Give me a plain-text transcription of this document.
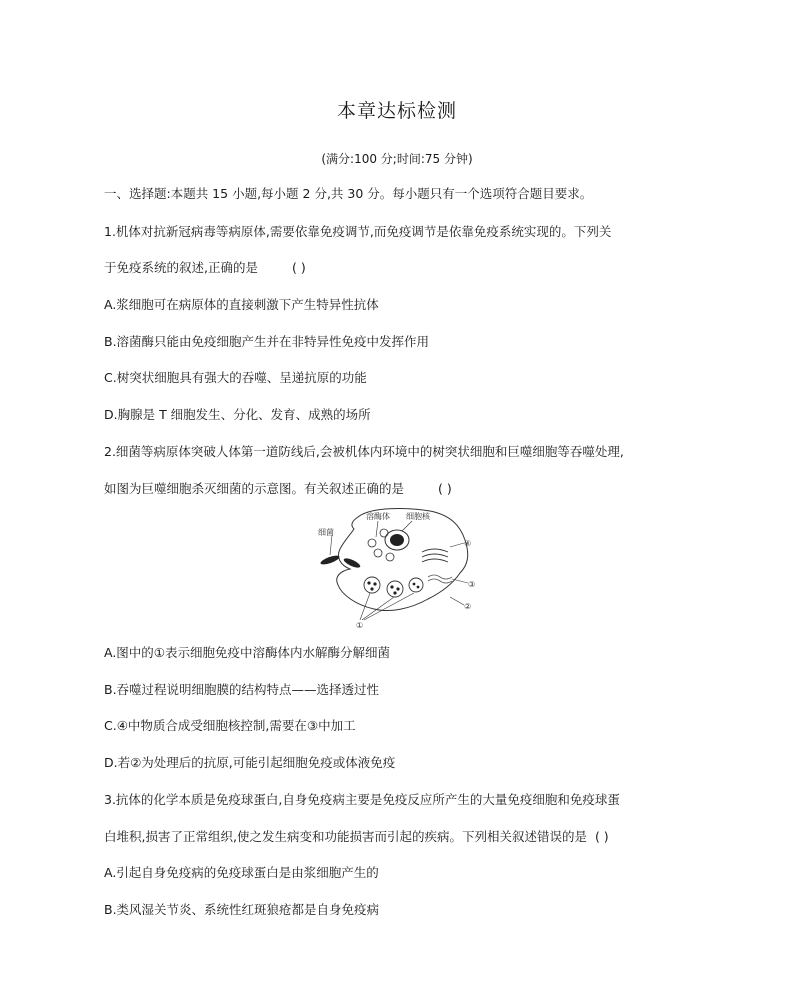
本章达标检测
(满分:100 分;时间:75 分钟)
一、选择题:本题共 15 小题,每小题 2 分,共 30 分。每小题只有一个选项符合题目要求。
1.机体对抗新冠病毒等病原体,需要依靠免疫调节,而免疫调节是依靠免疫系统实现的。下列关
于免疫系统的叙述,正确的是	( )
A.浆细胞可在病原体的直接刺激下产生特异性抗体
B.溶菌酶只能由免疫细胞产生并在非特异性免疫中发挥作用
C.树突状细胞具有强大的吞噬、呈递抗原的功能
D.胸腺是 T 细胞发生、分化、发育、成熟的场所
2.细菌等病原体突破人体第一道防线后,会被机体内环境中的树突状细胞和巨噬细胞等吞噬处理,
如图为巨噬细胞杀灭细菌的示意图。有关叙述正确的是	( )
细菌
溶酶体 细胞核
④
③
②
①
A.图中的①表示细胞免疫中溶酶体内水解酶分解细菌
B.吞噬过程说明细胞膜的结构特点——选择透过性
C.④中物质合成受细胞核控制,需要在③中加工
D.若②为处理后的抗原,可能引起细胞免疫或体液免疫
3.抗体的化学本质是免疫球蛋白,自身免疫病主要是免疫反应所产生的大量免疫细胞和免疫球蛋
白堆积,损害了正常组织,使之发生病变和功能损害而引起的疾病。下列相关叙述错误的是 ( )
A.引起自身免疫病的免疫球蛋白是由浆细胞产生的
B.类风湿关节炎、系统性红斑狼疮都是自身免疫病
